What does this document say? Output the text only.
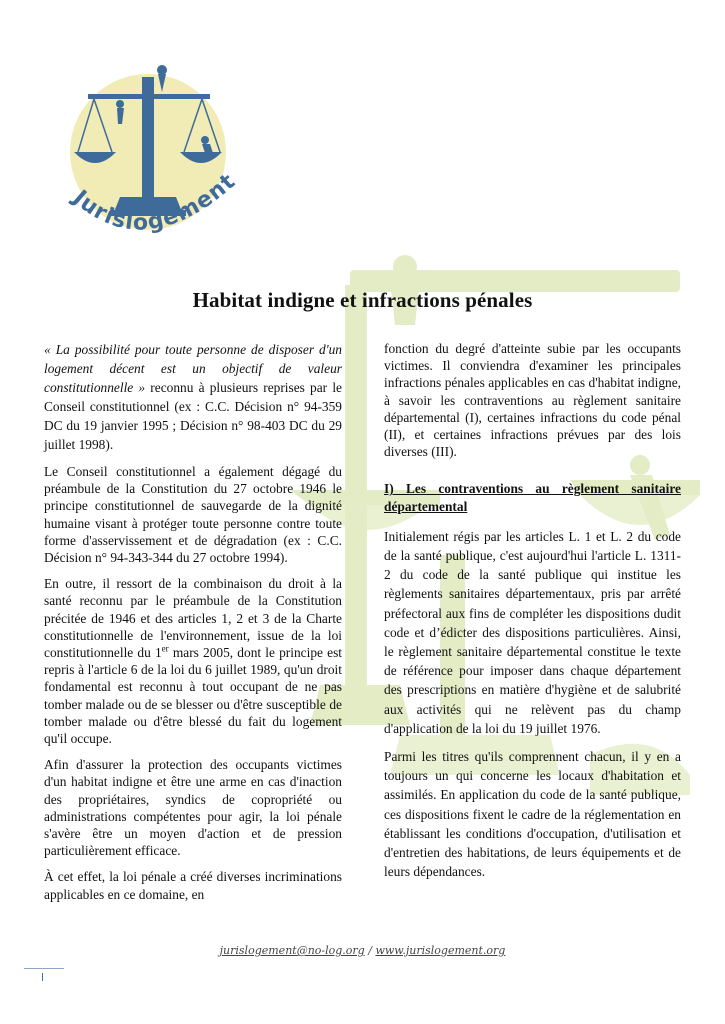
Jurislogement
Habitat indigne et infractions pénales

« La possibilité pour toute personne de disposer d'un logement décent est un objectif de valeur constitutionnelle » reconnu à plusieurs reprises par le Conseil constitutionnel (ex : C.C. Décision n° 94-359 DC du 19 janvier 1995 ; Décision n° 98-403 DC du 29 juillet 1998).

Le Conseil constitutionnel a également dégagé du préambule de la Constitution du 27 octobre 1946 le principe constitutionnel de sauvegarde de la dignité humaine visant à protéger toute personne contre toute forme d'asservissement et de dégradation (ex : C.C. Décision n° 94-343-344 du 27 octobre 1994).

En outre, il ressort de la combinaison du droit à la santé reconnu par le préambule de la Constitution précitée de 1946 et des articles 1, 2 et 3 de la Charte constitutionnelle de l'environnement, issue de la loi constitutionnelle du 1er mars 2005, dont le principe est repris à l'article 6 de la loi du 6 juillet 1989, qu'un droit fondamental est reconnu à tout occupant de ne pas tomber malade ou de se blesser ou d'être susceptible de tomber malade ou d'être blessé du fait du logement qu'il occupe.

Afin d'assurer la protection des occupants victimes d'un habitat indigne et être une arme en cas d'inaction des propriétaires, syndics de copropriété ou administrations compétentes pour agir, la loi pénale s'avère être un moyen d'action et de pression particulièrement efficace.

À cet effet, la loi pénale a créé diverses incriminations applicables en ce domaine, en

fonction du degré d'atteinte subie par les occupants victimes. Il conviendra d'examiner les principales infractions pénales applicables en cas d'habitat indigne, à savoir les contraventions au règlement sanitaire départemental (I), certaines infractions du code pénal (II), et certaines infractions prévues par des lois diverses (III).

I) Les contraventions au règlement sanitaire départemental

Initialement régis par les articles L. 1 et L. 2 du code de la santé publique, c'est aujourd'hui l'article L. 1311-2 du code de la santé publique qui institue les règlements sanitaires départementaux, pris par arrêté préfectoral aux fins de compléter les dispositions dudit code et d’édicter des dispositions particulières. Ainsi, le règlement sanitaire départemental constitue le texte de référence pour imposer dans chaque département des prescriptions en matière d'hygiène et de salubrité aux activités qui ne relèvent pas du champ d'application de la loi du 19 juillet 1976.

Parmi les titres qu'ils comprennent chacun, il y en a toujours un qui concerne les locaux d'habitation et assimilés. En application du code de la santé publique, ces dispositions fixent le cadre de la réglementation en établissant les conditions d'occupation, d'utilisation et d'entretien des habitations, de leurs équipements et de leurs dépendances.

jurislogement@no-log.org / www.jurislogement.org
